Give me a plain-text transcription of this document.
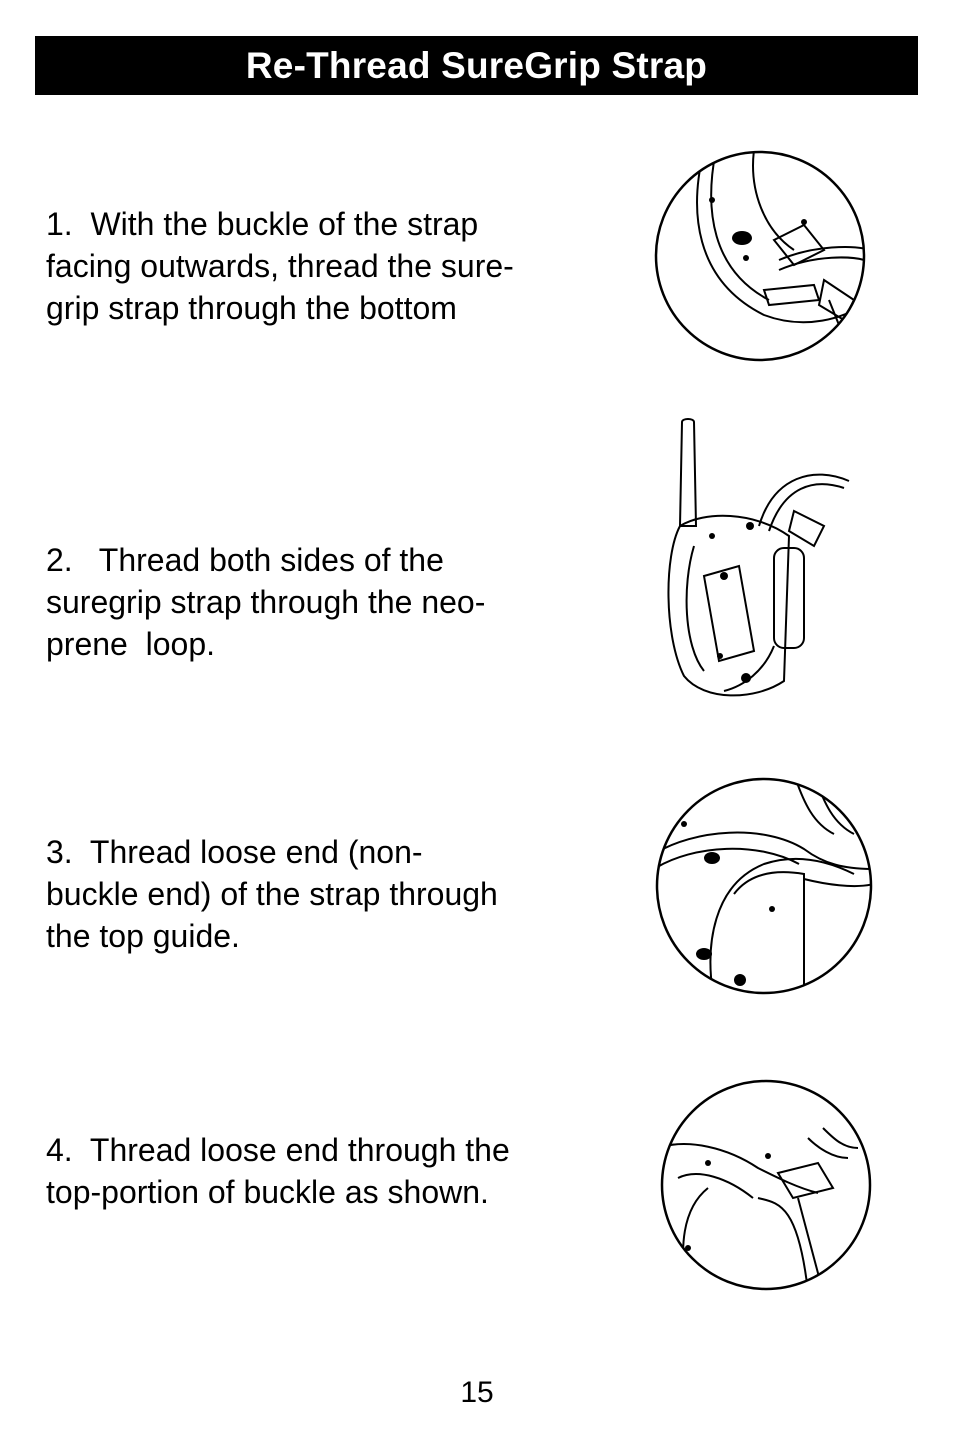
Re-Thread SureGrip Strap
1.  With the buckle of the strap
facing outwards, thread the sure-
grip strap through the bottom
2.   Thread both sides of the
suregrip strap through the neo-
prene  loop.
3.  Thread loose end (non-
buckle end) of the strap through
the top guide.
4.  Thread loose end through the
top-portion of buckle as shown.
15
